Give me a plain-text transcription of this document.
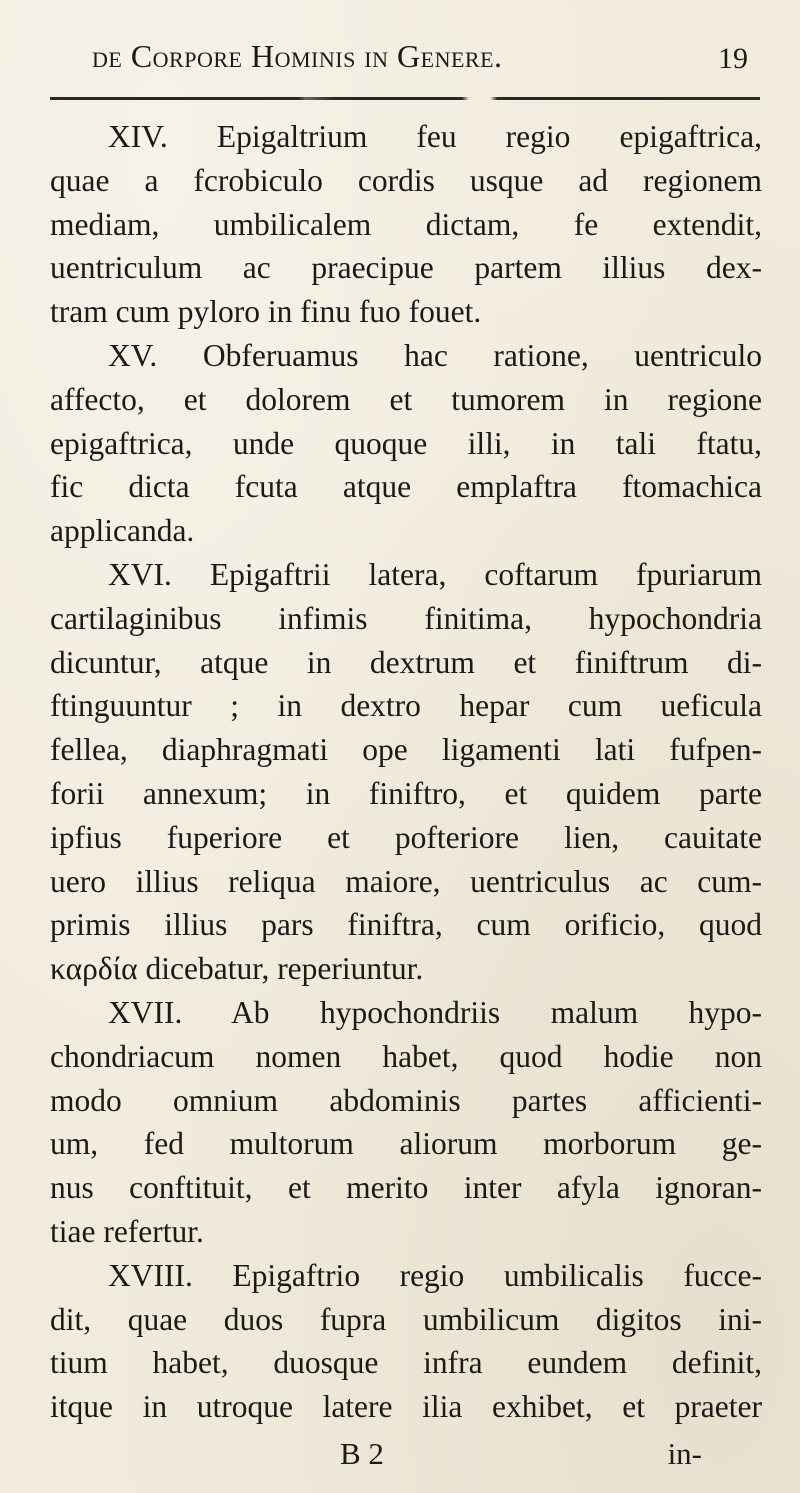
de Corpore Hominis in Genere.	19
XIV. Epigaltrium feu regio epigaftrica,
quae a fcrobiculo cordis usque ad regionem
mediam, umbilicalem dictam, fe extendit,
uentriculum ac praecipue partem illius dex-
tram cum pyloro in finu fuo fouet.
XV. Obferuamus hac ratione, uentriculo
affecto, et dolorem et tumorem in regione
epigaftrica, unde quoque illi, in tali ftatu,
fic dicta fcuta atque emplaftra ftomachica
applicanda.
XVI. Epigaftrii latera, coftarum fpuriarum
cartilaginibus infimis finitima, hypochondria
dicuntur, atque in dextrum et finiftrum di-
ftinguuntur ; in dextro hepar cum ueficula
fellea, diaphragmati ope ligamenti lati fufpen-
forii annexum; in finiftro, et quidem parte
ipfius fuperiore et pofteriore lien, cauitate
uero illius reliqua maiore, uentriculus ac cum-
primis illius pars finiftra, cum orificio, quod
καρδία dicebatur, reperiuntur.
XVII. Ab hypochondriis malum hypo-
chondriacum nomen habet, quod hodie non
modo omnium abdominis partes afficienti-
um, fed multorum aliorum morborum ge-
nus conftituit, et merito inter afyla ignoran-
tiae refertur.
XVIII. Epigaftrio regio umbilicalis fucce-
dit, quae duos fupra umbilicum digitos ini-
tium habet, duosque infra eundem definit,
itque in utroque latere ilia exhibet, et praeter
B 2	in-
